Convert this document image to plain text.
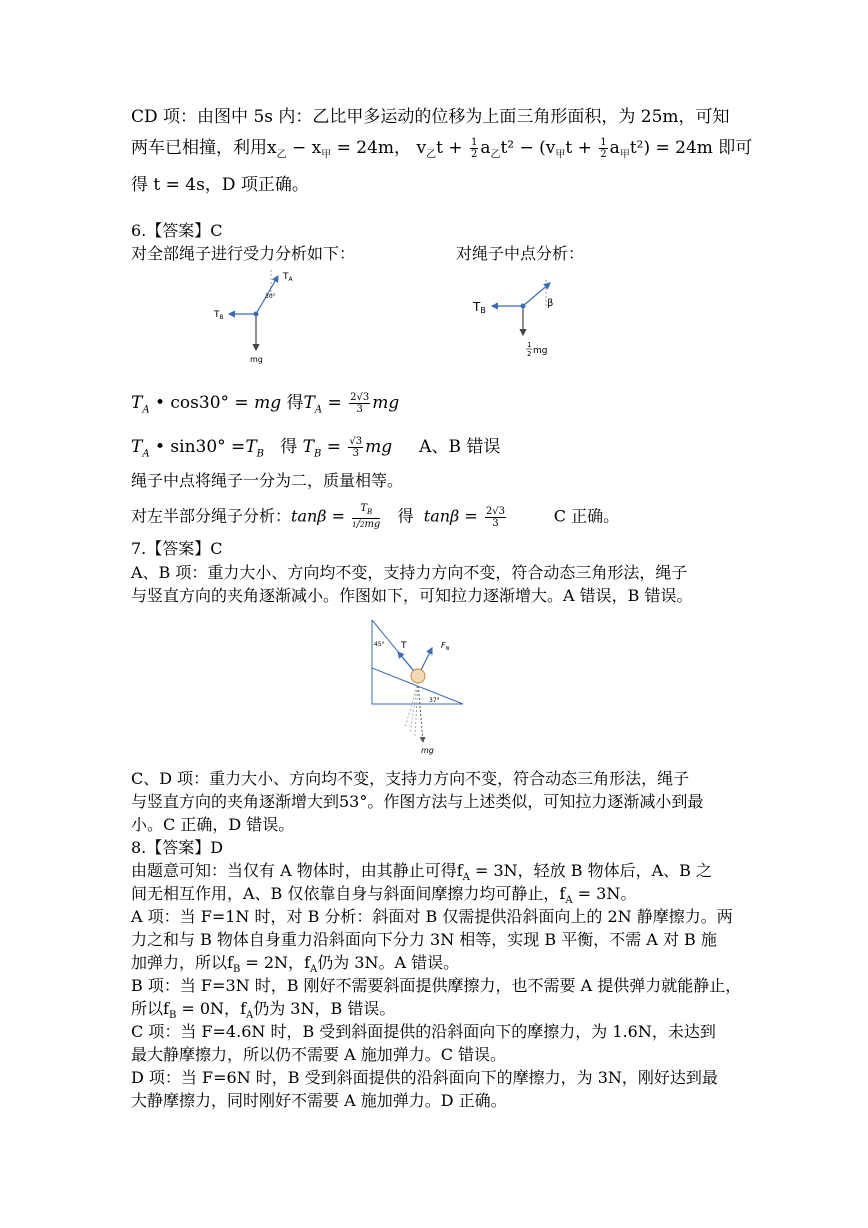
CD 项：由图中 5s 内：乙比甲多运动的位移为上面三角形面积，为 25m，可知
两车已相撞，利用$x_乙 - x_甲 = 24m$， $v_乙t + \frac{1}{2} a_乙t^2 - (v_甲t + \frac{1}{2} a_甲t^2) = 24m$ 即可
得 t = 4s，D 项正确。
6.【答案】C
对全部绳子进行受力分析如下：	对绳子中点分析：
$T_A$
30°
$T_B$
mg
TB
β
1
2 mg
$T_A$ • cos30° = mg 得$T_A = \frac{2√3}{3}$ mg
$T_A$ • $\sin 30^\circ =T_B$   得 $T_B = \frac{√3}{3}$ mg     A、B 错误
绳子中点将绳子一分为二，质量相等。
对左半部分绳子分析：$\tan\beta = \frac{T_B}{1/2mg}$ 得  $\tan\beta = \frac{2√3}{3}$ C 正确。
7.【答案】C
A、B 项：重力大小、方向均不变，支持力方向不变，符合动态三角形法，绳子
与竖直方向的夹角逐渐减小。作图如下，可知拉力逐渐增大。A 错误，B 错误。
45° T	$F_N$
37°
mg
C、D 项：重力大小、方向均不变，支持力方向不变，符合动态三角形法，绳子
与竖直方向的夹角逐渐增大到53°。作图方法与上述类似，可知拉力逐渐减小到最
小。C 正确，D 错误。
8.【答案】D
由题意可知：当仅有 A 物体时，由其静止可得$f_A = 3N$，轻放 B 物体后，A、B 之
间无相互作用，A、B 仅依靠自身与斜面间摩擦力均可静止，$f_A = 3N$。
A 项：当 F=1N 时，对 B 分析：斜面对 B 仅需提供沿斜面向上的 2N 静摩擦力。两
力之和与 B 物体自身重力沿斜面向下分力 3N 相等，实现 B 平衡，不需 A 对 B 施
加弹力，所以$f_B = 2N$，$f_A$仍为 3N。A 错误。
B 项：当 F=3N 时，B 刚好不需要斜面提供摩擦力，也不需要 A 提供弹力就能静止，
所以$f_B = 0N$，$f_A$仍为 3N，B 错误。
C 项：当 F=4.6N 时，B 受到斜面提供的沿斜面向下的摩擦力，为 1.6N，未达到
最大静摩擦力，所以仍不需要 A 施加弹力。C 错误。
D 项：当 F=6N 时，B 受到斜面提供的沿斜面向下的摩擦力，为 3N，刚好达到最
大静摩擦力，同时刚好不需要 A 施加弹力。D 正确。
